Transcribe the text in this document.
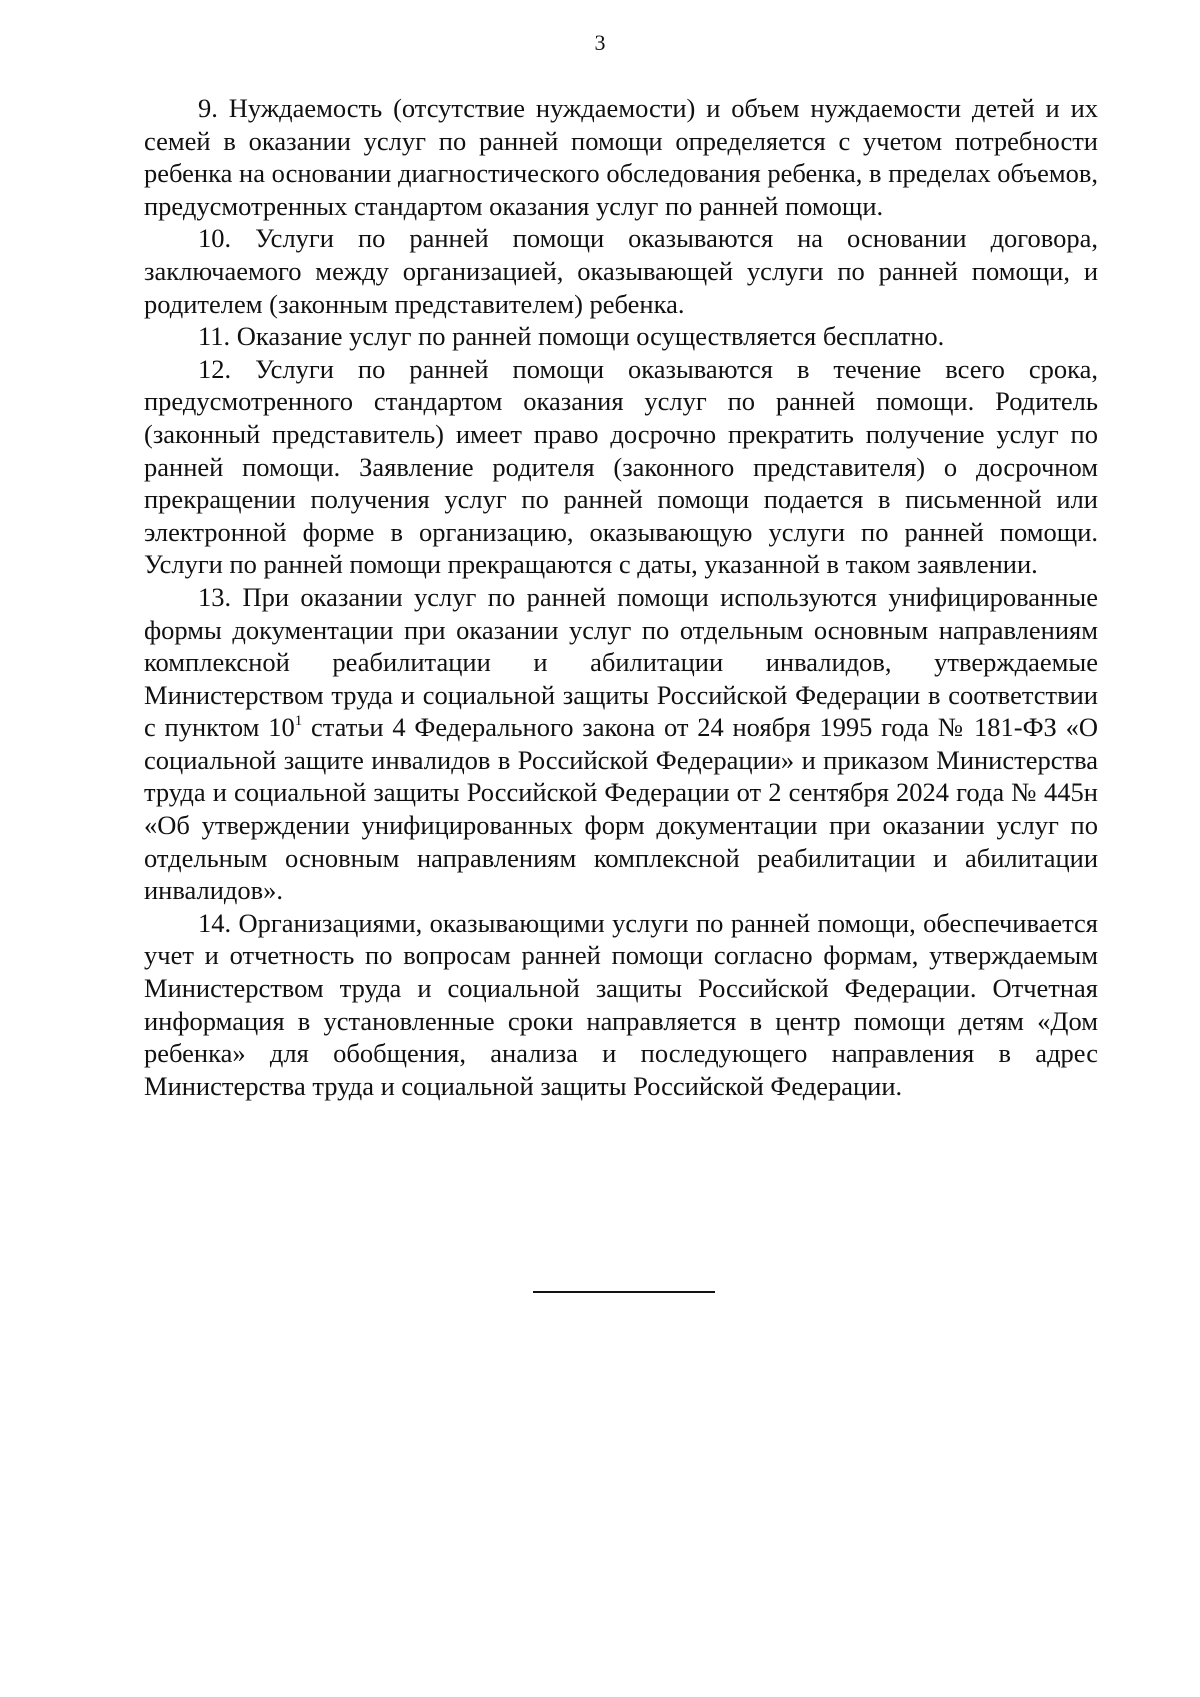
3

9. Нуждаемость (отсутствие нуждаемости) и объем нуждаемости детей и их семей в оказании услуг по ранней помощи определяется с учетом потребности ребенка на основании диагностического обследования ребенка, в пределах объемов, предусмотренных стандартом оказания услуг по ранней помощи.

10. Услуги по ранней помощи оказываются на основании договора, заключаемого между организацией, оказывающей услуги по ранней помощи, и родителем (законным представителем) ребенка.

11. Оказание услуг по ранней помощи осуществляется бесплатно.

12. Услуги по ранней помощи оказываются в течение всего срока, предусмотренного стандартом оказания услуг по ранней помощи. Родитель (законный представитель) имеет право досрочно прекратить получение услуг по ранней помощи. Заявление родителя (законного представителя) о досрочном прекращении получения услуг по ранней помощи подается в письменной или электронной форме в организацию, оказывающую услуги по ранней помощи. Услуги по ранней помощи прекращаются с даты, указанной в таком заявлении.

13. При оказании услуг по ранней помощи используются унифицированные формы документации при оказании услуг по отдельным основным направлениям комплексной реабилитации и абилитации инвалидов, утверждаемые Министерством труда и социальной защиты Российской Федерации в соответствии с пунктом $10^1$ статьи 4 Федерального закона от 24 ноября 1995 года № 181-ФЗ «О социальной защите инвалидов в Российской Федерации» и приказом Министерства труда и социальной защиты Российской Федерации от 2 сентября 2024 года № 445н «Об утверждении унифицированных форм документации при оказании услуг по отдельным основным направлениям комплексной реабилитации и абилитации инвалидов».

14. Организациями, оказывающими услуги по ранней помощи, обеспечивается учет и отчетность по вопросам ранней помощи согласно формам, утверждаемым Министерством труда и социальной защиты Российской Федерации. Отчетная информация в установленные сроки направляется в центр помощи детям «Дом ребенка» для обобщения, анализа и последующего направления в адрес Министерства труда и социальной защиты Российской Федерации.
